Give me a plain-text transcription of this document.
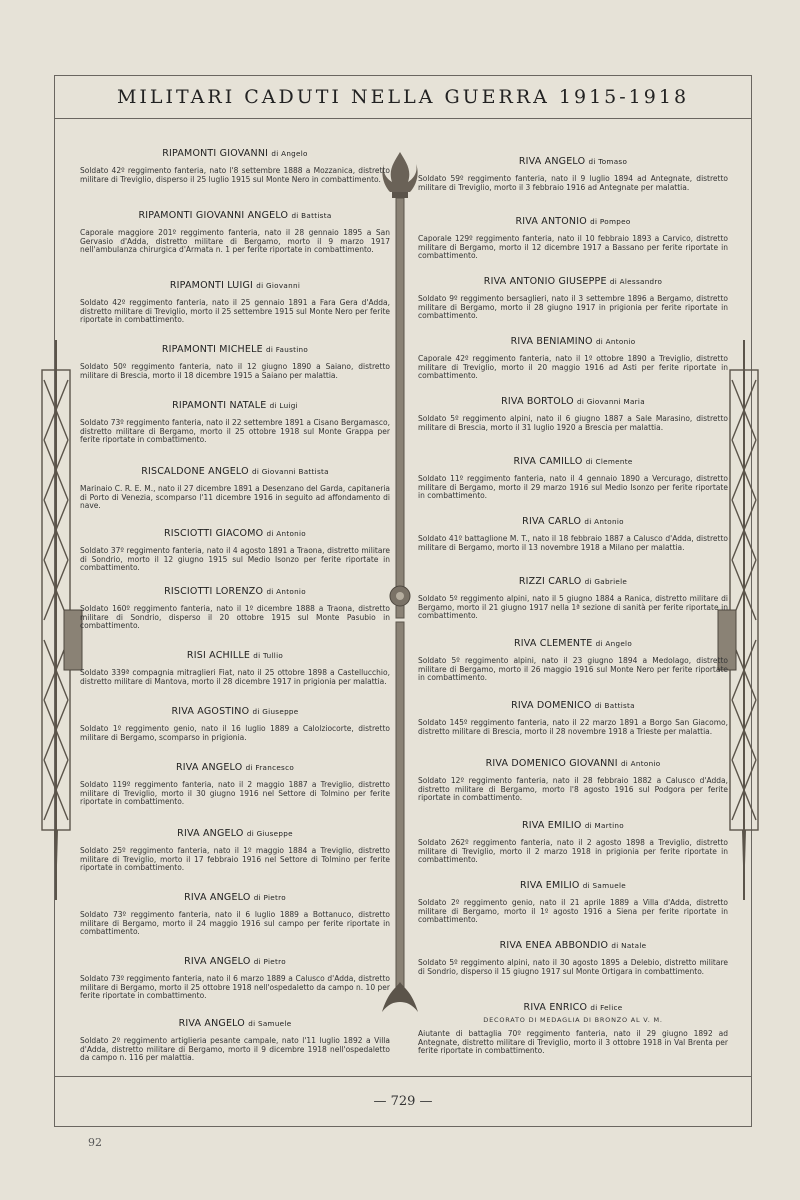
MILITARI CADUTI NELLA GUERRA 1915-1918
— 729 —
RIPAMONTI GIOVANNI di Angelo
Soldato 42º reggimento fanteria, nato l'8 settembre 1888 a Mozzanica, distretto militare di Treviglio, disperso il 25 luglio 1915 sul Monte Nero in combattimento.
RIPAMONTI GIOVANNI ANGELO di Battista
Caporale maggiore 201º reggimento fanteria, nato il 28 gennaio 1895 a San Gervasio d'Adda, distretto militare di Bergamo, morto il 9 marzo 1917 nell'ambulanza chirurgica d'Armata n. 1 per ferite riportate in combattimento.
RIPAMONTI LUIGI di Giovanni
Soldato 42º reggimento fanteria, nato il 25 gennaio 1891 a Fara Gera d'Adda, distretto militare di Treviglio, morto il 25 settembre 1915 sul Monte Nero per ferite riportate in combattimento.
RIPAMONTI MICHELE di Faustino
Soldato 50º reggimento fanteria, nato il 12 giugno 1890 a Saiano, distretto militare di Brescia, morto il 18 dicembre 1915 a Saiano per malattia.
RIPAMONTI NATALE di Luigi
Soldato 73º reggimento fanteria, nato il 22 settembre 1891 a Cisano Bergamasco, distretto militare di Bergamo, morto il 25 ottobre 1918 sul Monte Grappa per ferite riportate in combattimento.
RISCALDONE ANGELO di Giovanni Battista
Marinaio C. R. E. M., nato il 27 dicembre 1891 a Desenzano del Garda, capitaneria di Porto di Venezia, scomparso l'11 dicembre 1916 in seguito ad affondamento di nave.
RISCIOTTI GIACOMO di Antonio
Soldato 37º reggimento fanteria, nato il 4 agosto 1891 a Traona, distretto militare di Sondrio, morto il 12 giugno 1915 sul Medio Isonzo per ferite riportate in combattimento.
RISCIOTTI LORENZO di Antonio
Soldato 160º reggimento fanteria, nato il 1º dicembre 1888 a Traona, distretto militare di Sondrio, disperso il 20 ottobre 1915 sul Monte Pasubio in combattimento.
RISI ACHILLE di Tullio
Soldato 339ª compagnia mitraglieri Fiat, nato il 25 ottobre 1898 a Castellucchio, distretto militare di Mantova, morto il 28 dicembre 1917 in prigionia per malattia.
RIVA AGOSTINO di Giuseppe
Soldato 1º reggimento genio, nato il 16 luglio 1889 a Calolziocorte, distretto militare di Bergamo, scomparso in prigionia.
RIVA ANGELO di Francesco
Soldato 119º reggimento fanteria, nato il 2 maggio 1887 a Treviglio, distretto militare di Treviglio, morto il 30 giugno 1916 nel Settore di Tolmino per ferite riportate in combattimento.
RIVA ANGELO di Giuseppe
Soldato 25º reggimento fanteria, nato il 1º maggio 1884 a Treviglio, distretto militare di Treviglio, morto il 17 febbraio 1916 nel Settore di Tolmino per ferite riportate in combattimento.
RIVA ANGELO di Pietro
Soldato 73º reggimento fanteria, nato il 6 luglio 1889 a Bottanuco, distretto militare di Bergamo, morto il 24 maggio 1916 sul campo per ferite riportate in combattimento.
RIVA ANGELO di Pietro
Soldato 73º reggimento fanteria, nato il 6 marzo 1889 a Calusco d'Adda, distretto militare di Bergamo, morto il 25 ottobre 1918 nell'ospedaletto da campo n. 10 per ferite riportate in combattimento.
RIVA ANGELO di Samuele
Soldato 2º reggimento artiglieria pesante campale, nato l'11 luglio 1892 a Villa d'Adda, distretto militare di Bergamo, morto il 9 dicembre 1918 nell'ospedaletto da campo n. 116 per malattia.
RIVA ANGELO di Tomaso
Soldato 59º reggimento fanteria, nato il 9 luglio 1894 ad Antegnate, distretto militare di Treviglio, morto il 3 febbraio 1916 ad Antegnate per malattia.
RIVA ANTONIO di Pompeo
Caporale 129º reggimento fanteria, nato il 10 febbraio 1893 a Carvico, distretto militare di Bergamo, morto il 12 dicembre 1917 a Bassano per ferite riportate in combattimento.
RIVA ANTONIO GIUSEPPE di Alessandro
Soldato 9º reggimento bersaglieri, nato il 3 settembre 1896 a Bergamo, distretto militare di Bergamo, morto il 28 giugno 1917 in prigionia per ferite riportate in combattimento.
RIVA BENIAMINO di Antonio
Caporale 42º reggimento fanteria, nato il 1º ottobre 1890 a Treviglio, distretto militare di Treviglio, morto il 20 maggio 1916 ad Asti per ferite riportate in combattimento.
RIVA BORTOLO di Giovanni Maria
Soldato 5º reggimento alpini, nato il 6 giugno 1887 a Sale Marasino, distretto militare di Brescia, morto il 31 luglio 1920 a Brescia per malattia.
RIVA CAMILLO di Clemente
Soldato 11º reggimento fanteria, nato il 4 gennaio 1890 a Vercurago, distretto militare di Bergamo, morto il 29 marzo 1916 sul Medio Isonzo per ferite riportate in combattimento.
RIVA CARLO di Antonio
Soldato 41º battaglione M. T., nato il 18 febbraio 1887 a Calusco d'Adda, distretto militare di Bergamo, morto il 13 novembre 1918 a Milano per malattia.
RIZZI CARLO di Gabriele
Soldato 5º reggimento alpini, nato il 5 giugno 1884 a Ranica, distretto militare di Bergamo, morto il 21 giugno 1917 nella 1ª sezione di sanità per ferite riportate in combattimento.
RIVA CLEMENTE di Angelo
Soldato 5º reggimento alpini, nato il 23 giugno 1894 a Medolago, distretto militare di Bergamo, morto il 26 maggio 1916 sul Monte Nero per ferite riportate in combattimento.
RIVA DOMENICO di Battista
Soldato 145º reggimento fanteria, nato il 22 marzo 1891 a Borgo San Giacomo, distretto militare di Brescia, morto il 28 novembre 1918 a Trieste per malattia.
RIVA DOMENICO GIOVANNI di Antonio
Soldato 12º reggimento fanteria, nato il 28 febbraio 1882 a Calusco d'Adda, distretto militare di Bergamo, morto l'8 agosto 1916 sul Podgora per ferite riportate in combattimento.
RIVA EMILIO di Martino
Soldato 262º reggimento fanteria, nato il 2 agosto 1898 a Treviglio, distretto militare di Treviglio, morto il 2 marzo 1918 in prigionia per ferite riportate in combattimento.
RIVA EMILIO di Samuele
Soldato 2º reggimento genio, nato il 21 aprile 1889 a Villa d'Adda, distretto militare di Bergamo, morto il 1º agosto 1916 a Siena per ferite riportate in combattimento.
RIVA ENEA ABBONDIO di Natale
Soldato 5º reggimento alpini, nato il 30 agosto 1895 a Delebio, distretto militare di Sondrio, disperso il 15 giugno 1917 sul Monte Ortigara in combattimento.
RIVA ENRICO di Felice
DECORATO DI MEDAGLIA DI BRONZO AL V. M.
Aiutante di battaglia 70º reggimento fanteria, nato il 29 giugno 1892 ad Antegnate, distretto militare di Treviglio, morto il 3 ottobre 1918 in Val Brenta per ferite riportate in combattimento.
92
